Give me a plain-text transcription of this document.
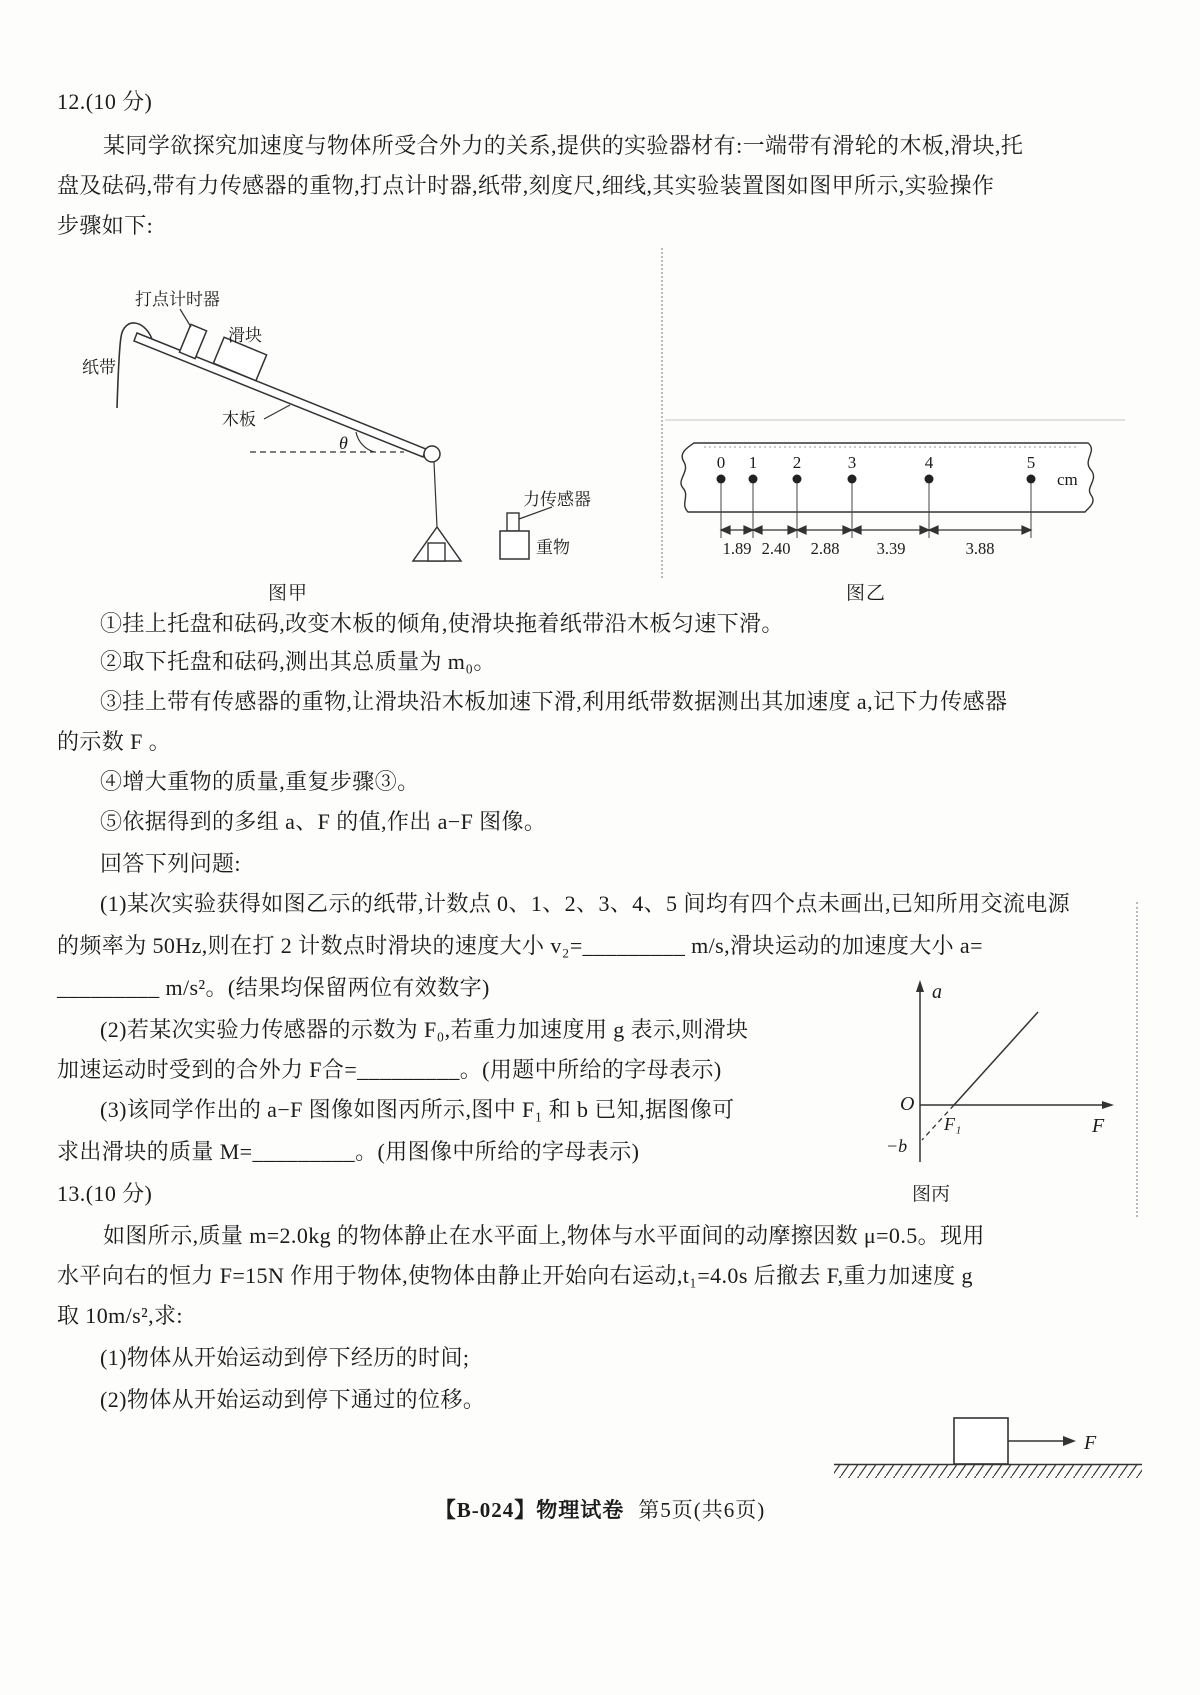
12.(10 分)
某同学欲探究加速度与物体所受合外力的关系,提供的实验器材有:一端带有滑轮的木板,滑块,托
盘及砝码,带有力传感器的重物,打点计时器,纸带,刻度尺,细线,其实验装置图如图甲所示,实验操作
步骤如下:
打点计时器
纸带
滑块
木板
θ
力传感器
重物
图甲
0 1 2	3	4	5
cm
1.89 2.40 2.88 3.39	3.88
图乙
①挂上托盘和砝码,改变木板的倾角,使滑块拖着纸带沿木板匀速下滑。
②取下托盘和砝码,测出其总质量为 m₀。
③挂上带有传感器的重物,让滑块沿木板加速下滑,利用纸带数据测出其加速度 a,记下力传感器
的示数 F 。
④增大重物的质量,重复步骤③。
⑤依据得到的多组 a、F 的值,作出 a−F 图像。
回答下列问题:
(1)某次实验获得如图乙示的纸带,计数点 0、1、2、3、4、5 间均有四个点未画出,已知所用交流电源
的频率为 50Hz,则在打 2 计数点时滑块的速度大小 v₂=_________ m/s,滑块运动的加速度大小 a=
_________ m/s²。(结果均保留两位有效数字)
(2)若某次实验力传感器的示数为 F₀,若重力加速度用 g 表示,则滑块
加速运动时受到的合外力 F合=_________。(用题中所给的字母表示)
(3)该同学作出的 a−F 图像如图丙所示,图中 F₁ 和 b 已知,据图像可
求出滑块的质量 M=_________。(用图像中所给的字母表示)
a
F
O
F₁
−b
图丙
13.(10 分)
如图所示,质量 m=2.0kg 的物体静止在水平面上,物体与水平面间的动摩擦因数 μ=0.5。现用
水平向右的恒力 F=15N 作用于物体,使物体由静止开始向右运动,t₁=4.0s 后撤去 F,重力加速度 g
取 10m/s²,求:
(1)物体从开始运动到停下经历的时间;
(2)物体从开始运动到停下通过的位移。
F
【B-024】物理试卷 第5页(共6页)
